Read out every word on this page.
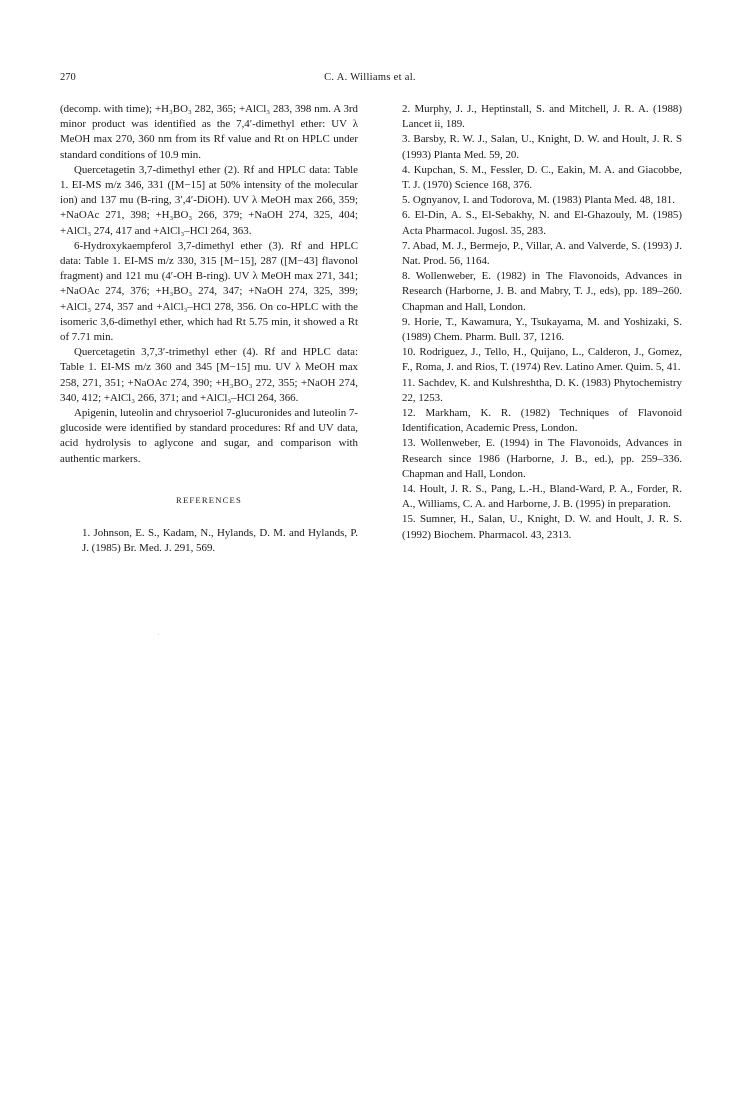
270	C. A. Williams et al.

(decomp. with time); +H₃BO₃ 282, 365; +AlCl₃ 283, 398 nm. A 3rd minor product was identified as the 7,4′-dimethyl ether: UV λ MeOH max 270, 360 nm from its Rf value and Rt on HPLC under standard conditions of 10.9 min.

Quercetagetin 3,7-dimethyl ether (2). Rf and HPLC data: Table 1. EI-MS m/z 346, 331 ([M−15] at 50% intensity of the molecular ion) and 137 mu (B-ring, 3′,4′-DiOH). UV λ MeOH max 266, 359; +NaOAc 271, 398; +H₃BO₃ 266, 379; +NaOH 274, 325, 404; +AlCl₃ 274, 417 and +AlCl₃–HCl 264, 363.

6-Hydroxykaempferol 3,7-dimethyl ether (3). Rf and HPLC data: Table 1. EI-MS m/z 330, 315 [M−15], 287 ([M−43] flavonol fragment) and 121 mu (4′-OH B-ring). UV λ MeOH max 271, 341; +NaOAc 274, 376; +H₃BO₃ 274, 347; +NaOH 274, 325, 399; +AlCl₃ 274, 357 and +AlCl₃–HCl 278, 356. On co-HPLC with the isomeric 3,6-dimethyl ether, which had Rt 5.75 min, it showed a Rt of 7.71 min.

Quercetagetin 3,7,3′-trimethyl ether (4). Rf and HPLC data: Table 1. EI-MS m/z 360 and 345 [M−15] mu. UV λ MeOH max 258, 271, 351; +NaOAc 274, 390; +H₃BO₃ 272, 355; +NaOH 274, 340, 412; +AlCl₃ 266, 371; and +AlCl₃–HCl 264, 366.

Apigenin, luteolin and chrysoeriol 7-glucuronides and luteolin 7-glucoside were identified by standard procedures: Rf and UV data, acid hydrolysis to aglycone and sugar, and comparison with authentic markers.

REFERENCES

1. Johnson, E. S., Kadam, N., Hylands, D. M. and Hylands, P. J. (1985) Br. Med. J. 291, 569.

2. Murphy, J. J., Heptinstall, S. and Mitchell, J. R. A. (1988) Lancet ii, 189.

3. Barsby, R. W. J., Salan, U., Knight, D. W. and Hoult, J. R. S (1993) Planta Med. 59, 20.

4. Kupchan, S. M., Fessler, D. C., Eakin, M. A. and Giacobbe, T. J. (1970) Science 168, 376.

5. Ognyanov, I. and Todorova, M. (1983) Planta Med. 48, 181.

6. El-Din, A. S., El-Sebakhy, N. and El-Ghazouly, M. (1985) Acta Pharmacol. Jugosl. 35, 283.

7. Abad, M. J., Bermejo, P., Villar, A. and Valverde, S. (1993) J. Nat. Prod. 56, 1164.

8. Wollenweber, E. (1982) in The Flavonoids, Advances in Research (Harborne, J. B. and Mabry, T. J., eds), pp. 189–260. Chapman and Hall, London.

9. Horie, T., Kawamura, Y., Tsukayama, M. and Yoshizaki, S. (1989) Chem. Pharm. Bull. 37, 1216.

10. Rodriguez, J., Tello, H., Quijano, L., Calderon, J., Gomez, F., Roma, J. and Rios, T. (1974) Rev. Latino Amer. Quim. 5, 41.

11. Sachdev, K. and Kulshreshtha, D. K. (1983) Phytochemistry 22, 1253.

12. Markham, K. R. (1982) Techniques of Flavonoid Identification, Academic Press, London.

13. Wollenweber, E. (1994) in The Flavonoids, Advances in Research since 1986 (Harborne, J. B., ed.), pp. 259–336. Chapman and Hall, London.

14. Hoult, J. R. S., Pang, L.-H., Bland-Ward, P. A., Forder, R. A., Williams, C. A. and Harborne, J. B. (1995) in preparation.

15. Sumner, H., Salan, U., Knight, D. W. and Hoult, J. R. S. (1992) Biochem. Pharmacol. 43, 2313.
